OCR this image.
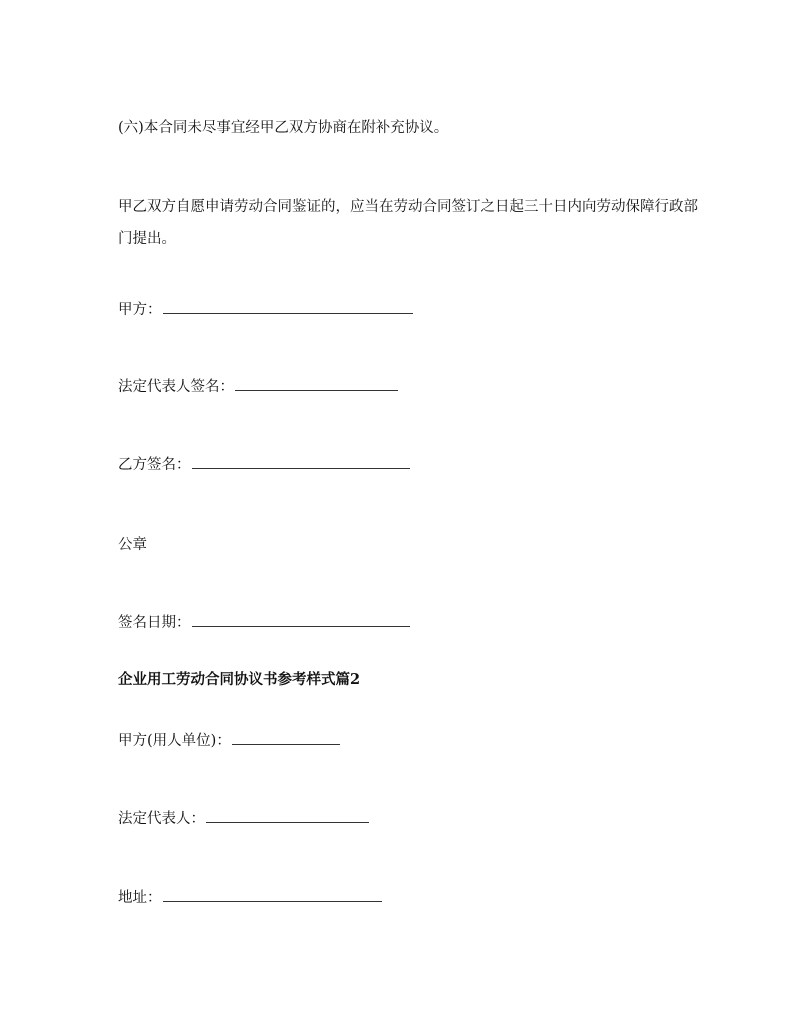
(六)本合同未尽事宜经甲乙双方协商在附补充协议。

甲乙双方自愿申请劳动合同鉴证的，应当在劳动合同签订之日起三十日内向劳动保障行政部门提出。

甲方：
法定代表人签名：
乙方签名：

公章

签名日期：

企业用工劳动合同协议书参考样式篇2

甲方(用人单位)：
法定代表人：
地址：
